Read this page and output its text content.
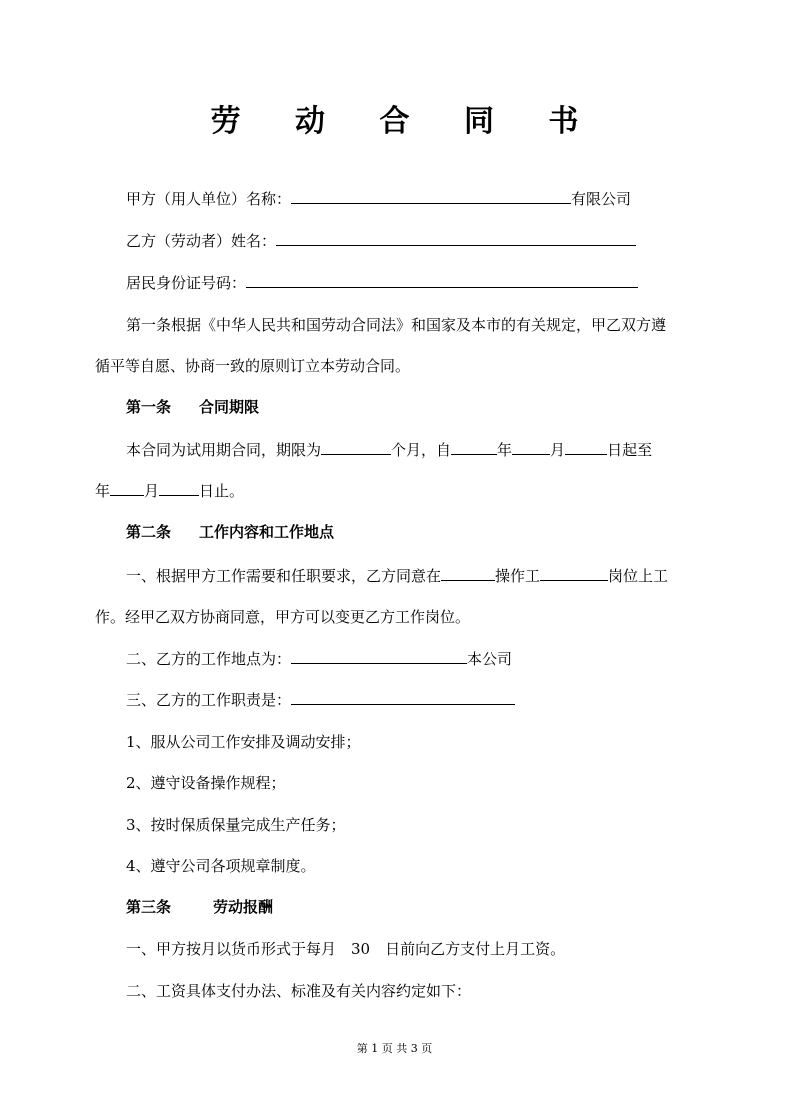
劳 动 合 同 书
甲方（用人单位）名称：	有限公司
乙方（劳动者）姓名：
居民身份证号码：
第一条根据《中华人民共和国劳动合同法》和国家及本市的有关规定，甲乙双方遵
循平等自愿、协商一致的原则订立本劳动合同。
第一条 合同期限
本合同为试用期合同，期限为	个月，自	年	月	日起至
年 月	日止。
第二条 工作内容和工作地点
一、根据甲方工作需要和任职要求，乙方同意在	操作工	岗位上工
作。经甲乙双方协商同意，甲方可以变更乙方工作岗位。
二、乙方的工作地点为：	本公司
三、乙方的工作职责是：
1、服从公司工作安排及调动安排；
2、遵守设备操作规程；
3、按时保质保量完成生产任务；
4、遵守公司各项规章制度。
第三条	劳动报酬
一、甲方按月以货币形式于每月　30　日前向乙方支付上月工资。
二、工资具体支付办法、标准及有关内容约定如下：
第 1 页 共 3 页
